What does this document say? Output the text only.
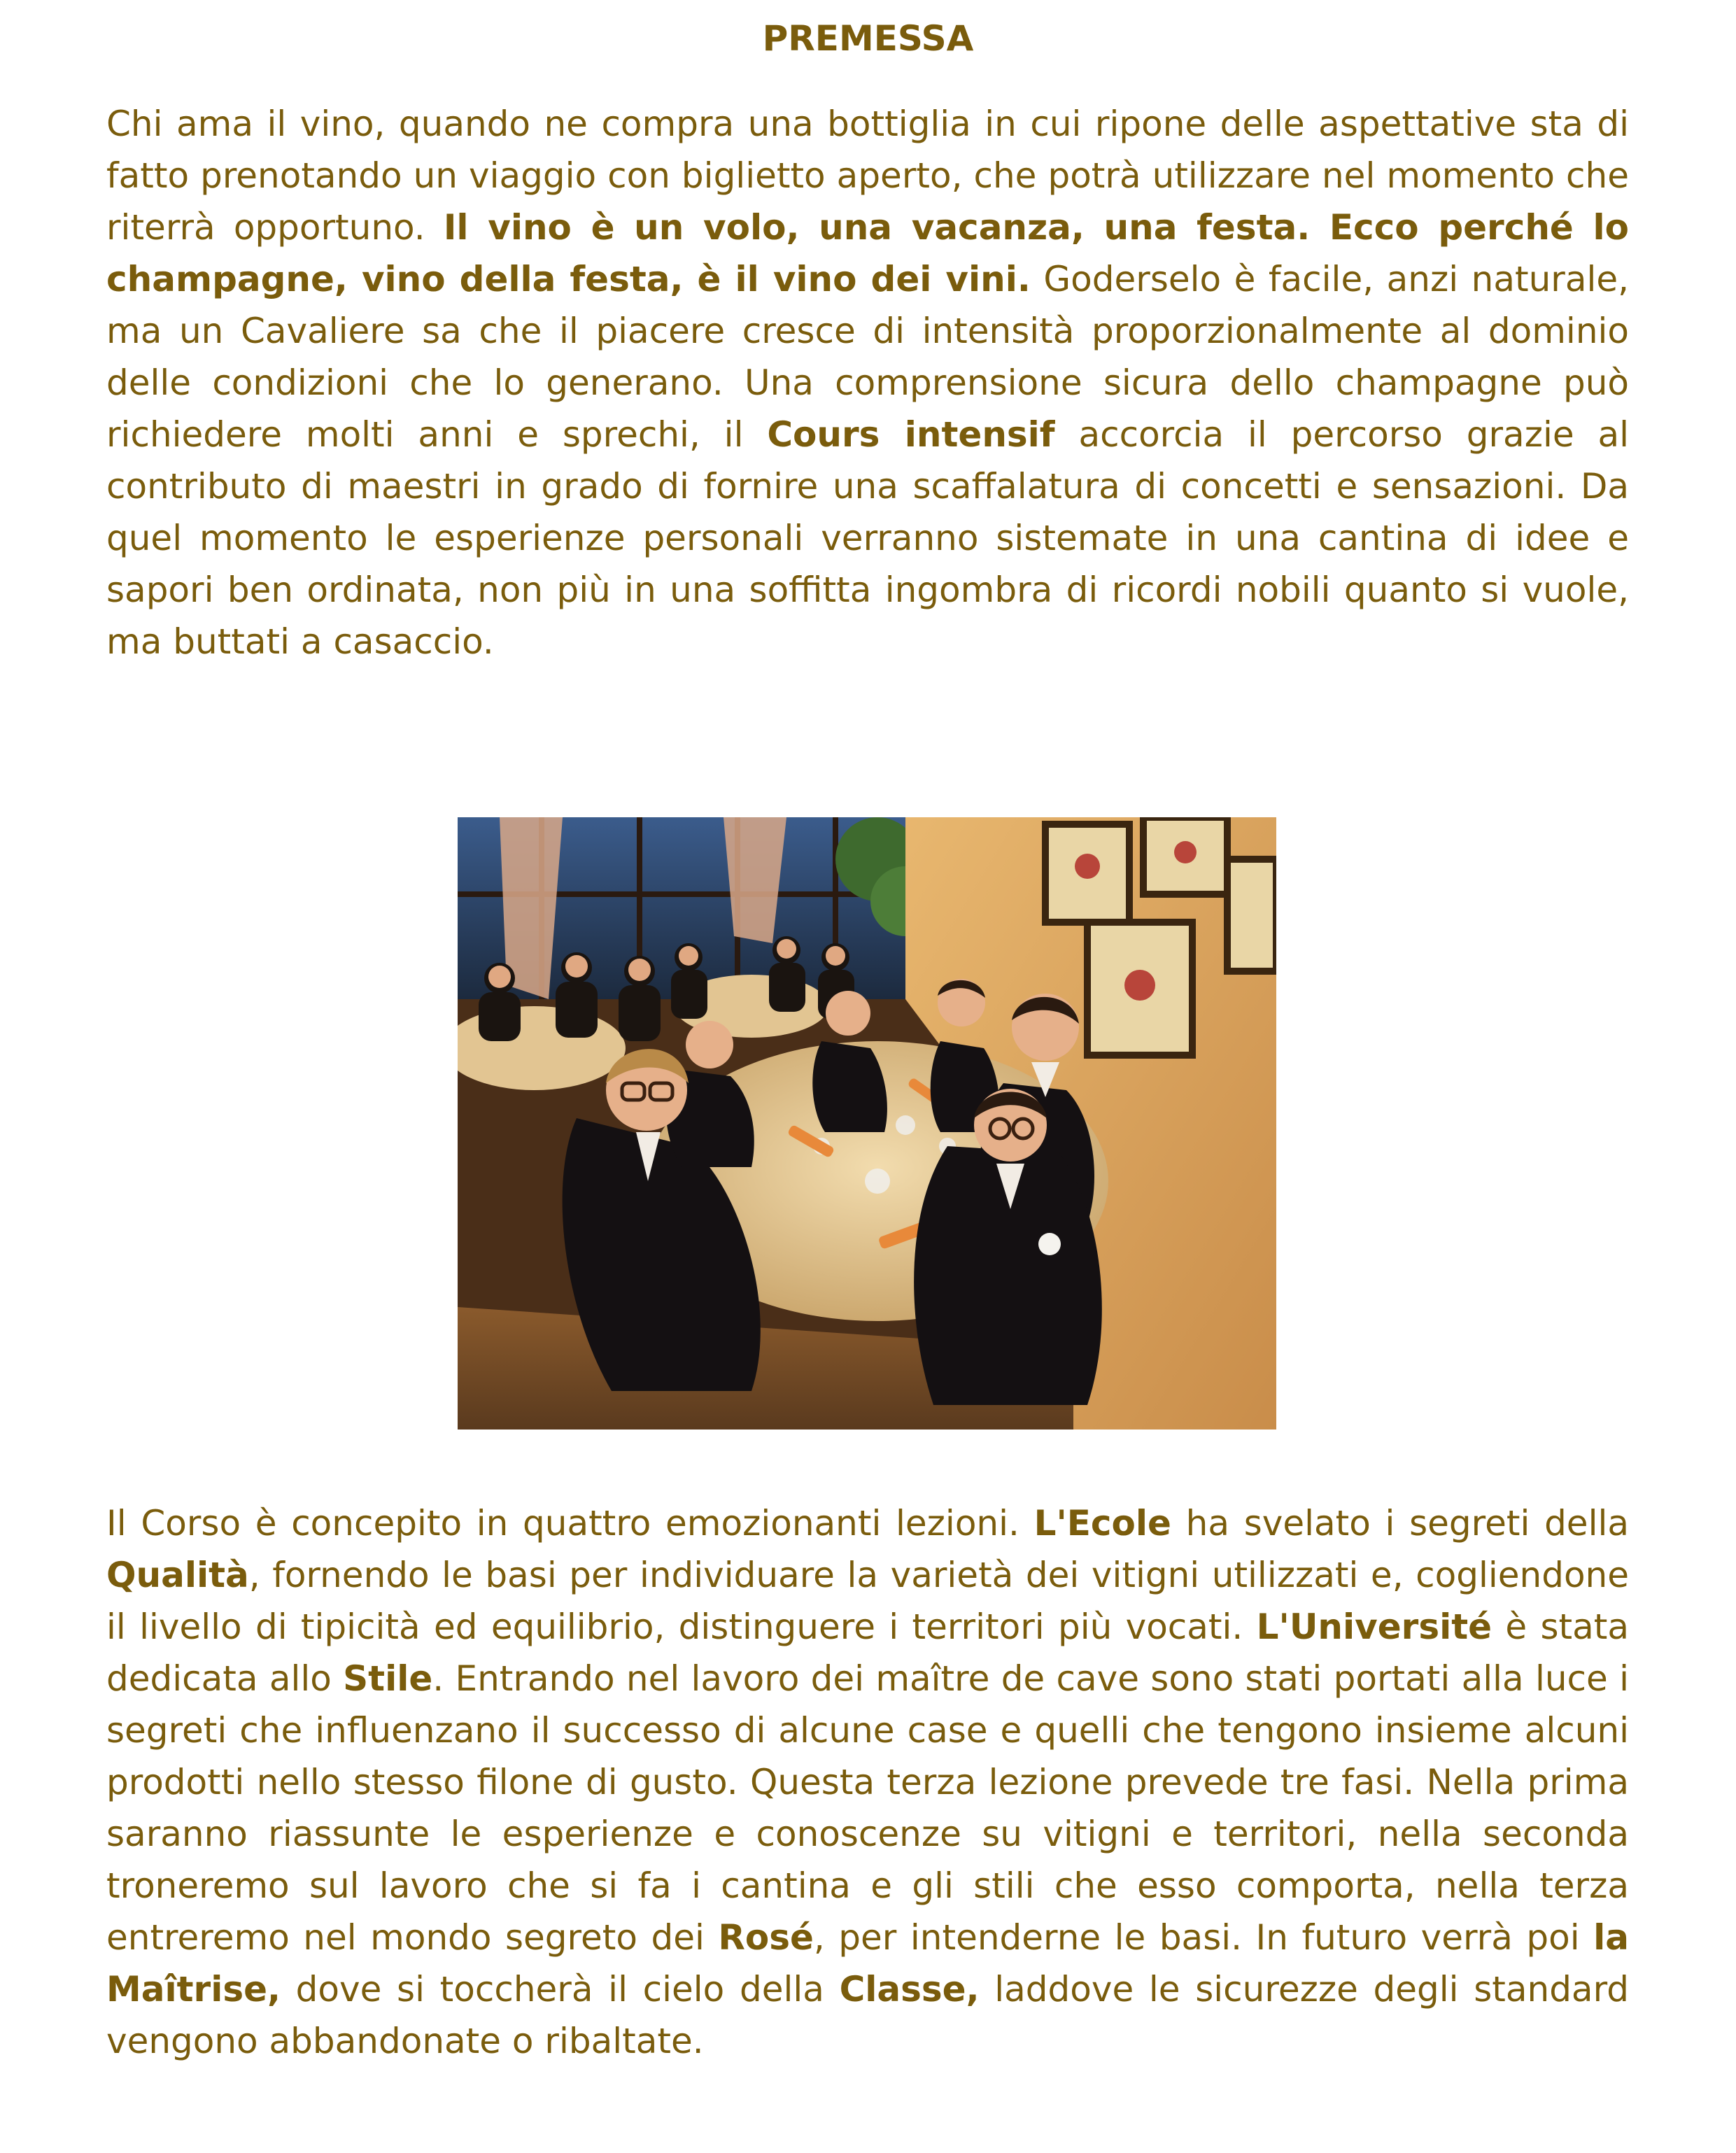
PREMESSA

Chi ama il vino, quando ne compra una bottiglia in cui ripone delle aspettative sta di fatto prenotando un viaggio con biglietto aperto, che potrà utilizzare nel momento che riterrà opportuno. Il vino è un volo, una vacanza, una festa. Ecco perché lo champagne, vino della festa, è il vino dei vini. Goderselo è facile, anzi naturale, ma un Cavaliere sa che il piacere cresce di intensità proporzionalmente al dominio delle condizioni che lo generano. Una comprensione sicura dello champagne può richiedere molti anni e sprechi, il Cours intensif accorcia il percorso grazie al contributo di maestri in grado di fornire una scaffalatura di concetti e sensazioni. Da quel momento le esperienze personali verranno sistemate in una cantina di idee e sapori ben ordinata, non più in una soffitta ingombra di ricordi nobili quanto si vuole, ma buttati a casaccio.

Il Corso è concepito in quattro emozionanti lezioni. L'Ecole ha svelato i segreti della Qualità, fornendo le basi per individuare la varietà dei vitigni utilizzati e, cogliendone il livello di tipicità ed equilibrio, distinguere i territori più vocati. L'Université è stata dedicata allo Stile. Entrando nel lavoro dei maître de cave sono stati portati alla luce i segreti che influenzano il successo di alcune case e quelli che tengono insieme alcuni prodotti nello stesso filone di gusto. Questa terza lezione prevede tre fasi. Nella prima saranno riassunte le esperienze e conoscenze su vitigni e territori, nella seconda troneremo sul lavoro che si fa i cantina e gli stili che esso comporta, nella terza entreremo nel mondo segreto dei Rosé, per intenderne le basi. In futuro verrà poi la Maîtrise, dove si toccherà il cielo della Classe, laddove le sicurezze degli standard vengono abbandonate o ribaltate.
